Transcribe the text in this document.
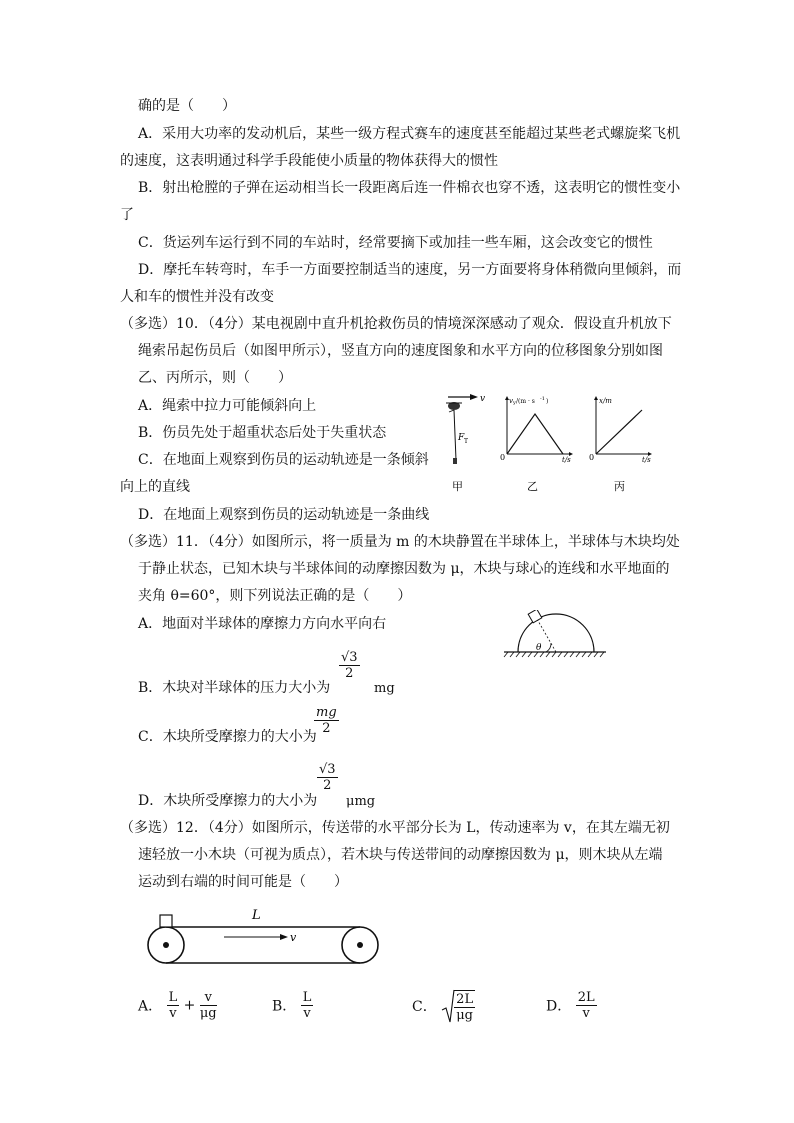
确的是（　　）
A．采用大功率的发动机后，某些一级方程式赛车的速度甚至能超过某些老式螺旋桨飞机
的速度，这表明通过科学手段能使小质量的物体获得大的惯性
B．射出枪膛的子弹在运动相当长一段距离后连一件棉衣也穿不透，这表明它的惯性变小
了
C．货运列车运行到不同的车站时，经常要摘下或加挂一些车厢，这会改变它的惯性
D．摩托车转弯时，车手一方面要控制适当的速度，另一方面要将身体稍微向里倾斜，而
人和车的惯性并没有改变
（多选）10．（4分）某电视剧中直升机抢救伤员的情境深深感动了观众．假设直升机放下
绳索吊起伤员后（如图甲所示），竖直方向的速度图象和水平方向的位移图象分别如图
乙、丙所示，则（　　）
A．绳索中拉力可能倾斜向上
B．伤员先处于超重状态后处于失重状态
C．在地面上观察到伤员的运动轨迹是一条倾斜
向上的直线
D．在地面上观察到伤员的运动轨迹是一条曲线
v
F T
甲
v y /(m · s -1 )
0	t/s
乙
x/m
0	t/s
丙
（多选）11．（4分）如图所示，将一质量为 m 的木块静置在半球体上，半球体与木块均处
于静止状态，已知木块与半球体间的动摩擦因数为 μ，木块与球心的连线和水平地面的
夹角 θ=60°，则下列说法正确的是（　　）
A．地面对半球体的摩擦力方向水平向右
θ
B．木块对半球体的压力大小为
$\frac{√3}{2}$
mg
C．木块所受摩擦力的大小为
$\frac{mg}{2}$
D．木块所受摩擦力的大小为
$\frac{√3}{2}$
μmg
（多选）12．（4分）如图所示，传送带的水平部分长为 L，传动速率为 v，在其左端无初
速轻放一小木块（可视为质点），若木块与传送带间的动摩擦因数为 μ，则木块从左端
运动到右端的时间可能是（　　）
v
L
A． $\frac{L}{v} + \frac{v}{\mu g}$	B． $\frac{L}{v}$	C． $\frac{2L}{\mu g}$	D． $\frac{2L}{v}$
